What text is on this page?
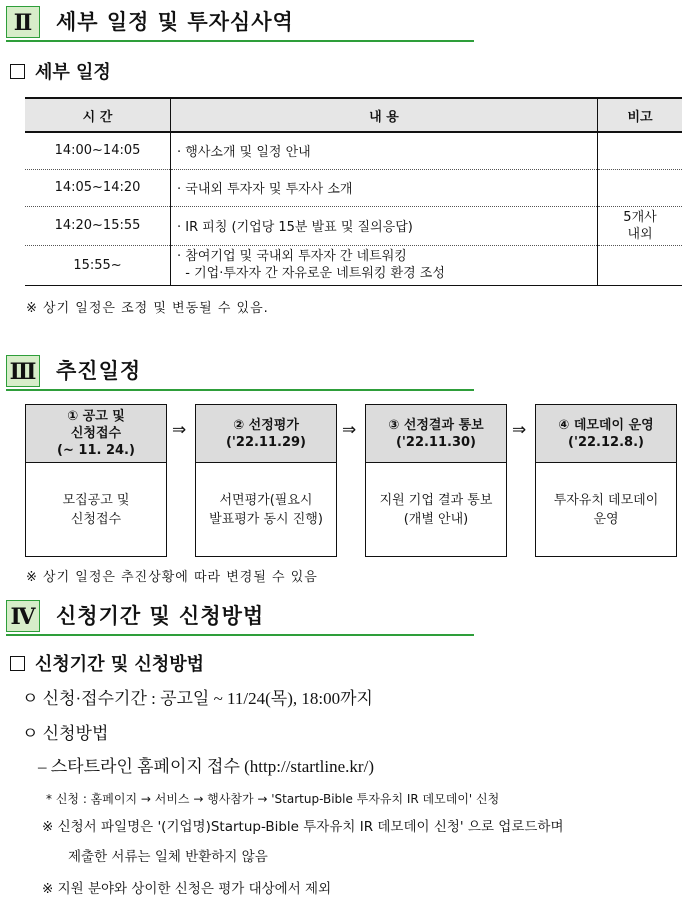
Ⅱ	세부 일정 및 투자심사역
세부 일정
시 간	내 용	비고
14:00~14:05	· 행사소개 및 일정 안내	
14:05~14:20	· 국내외 투자자 및 투자사 소개	
14:20~15:55	· IR 피칭 (기업당 15분 발표 및 질의응답)	5개사
내외

15:55~	· 참여기업 및 국내외 투자자 간 네트워킹
- 기업·투자자 간 자유로운 네트워킹 환경 조성	

※ 상기 일정은 조정 및 변동될 수 있음.
Ⅲ 추진일정
① 공고 및
신청접수
(~ 11. 24.)
모집공고 및
신청접수
⇒	② 선정평가
('22.11.29)
서면평가(필요시
발표평가 동시 진행)
⇒ ③ 선정결과 통보
('22.11.30)
지원 기업 결과 통보
(개별 안내)
⇒ ④ 데모데이 운영
('22.12.8.)
투자유치 데모데이
운영
※ 상기 일정은 추진상황에 따라 변경될 수 있음
Ⅳ 신청기간 및 신청방법
신청기간 및 신청방법
ㅇ 신청·접수기간 : 공고일 ~ 11/24(목), 18:00까지
ㅇ 신청방법
– 스타트라인 홈페이지 접수 (http://startline.kr/)
* 신청 : 홈페이지 → 서비스 → 행사참가 → 'Startup-Bible 투자유치 IR 데모데이' 신청
※ 신청서 파일명은 '(기업명)Startup-Bible 투자유치 IR 데모데이 신청' 으로 업로드하며
제출한 서류는 일체 반환하지 않음
※ 지원 분야와 상이한 신청은 평가 대상에서 제외
